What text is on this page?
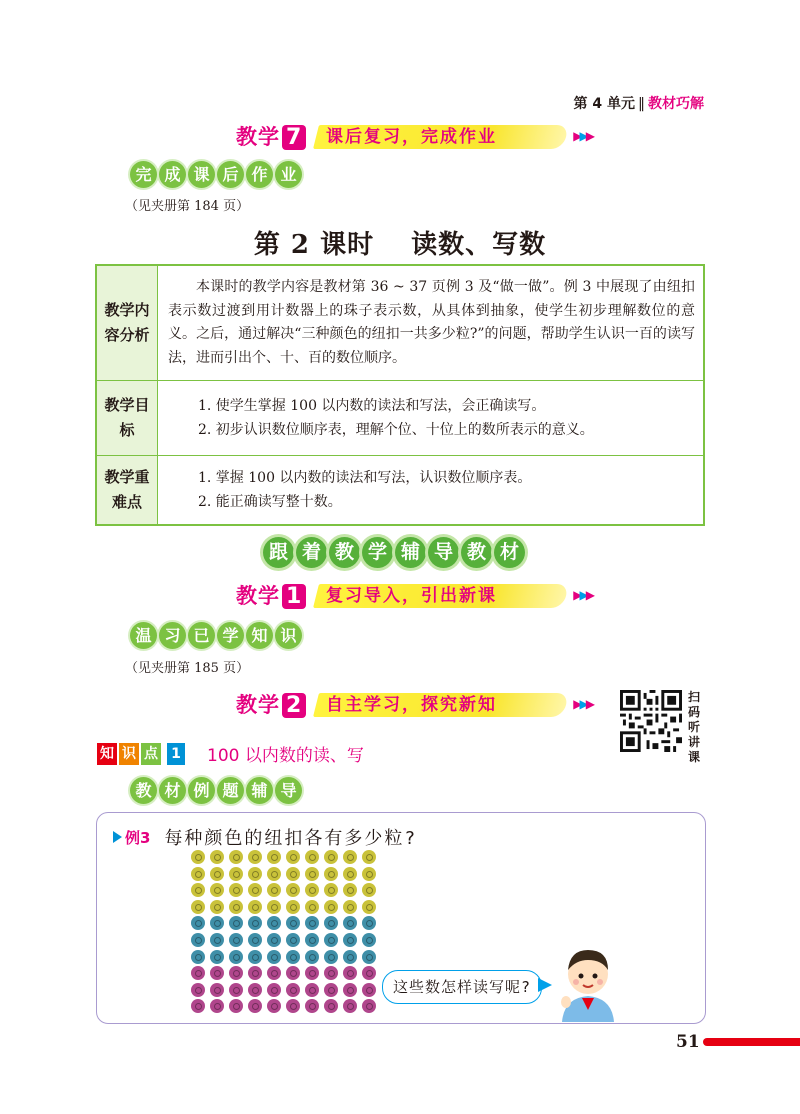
第 4 单元 ‖ 教材巧解
教学 7	课后复习，完成作业	▶▶▶
完 成 课 后 作 业
（见夹册第 184 页）
第 2 课时　 读数、写数
教学内容分析	本课时的教学内容是教材第 36 ~ 37 页例 3 及“做一做”。例 3 中展现了由纽扣表示数过渡到用计数器上的珠子表示数，从具体到抽象，使学生初步理解数位的意义。之后，通过解决“三种颜色的纽扣一共多少粒?”的问题，帮助学生认识一百的读写法，进而引出个、十、百的数位顺序。

教学目标	1. 使学生掌握 100 以内数的读法和写法，会正确读写。
2. 初步认识数位顺序表，理解个位、十位上的数所表示的意义。

教学重难点	1. 掌握 100 以内数的读法和写法，认识数位顺序表。
2. 能正确读写整十数。
跟 着 教 学 辅 导 教 材
教学 1	复习导入，引出新课	▶▶▶
温 习 已 学 知 识
（见夹册第 185 页）
教学 2	自主学习，探究新知	▶▶▶	扫码听讲课
知 识 点 1 100 以内数的读、写
教 材 例 题 辅 导
例3 每种颜色的纽扣各有多少粒?
这些数怎样读写呢?
51
